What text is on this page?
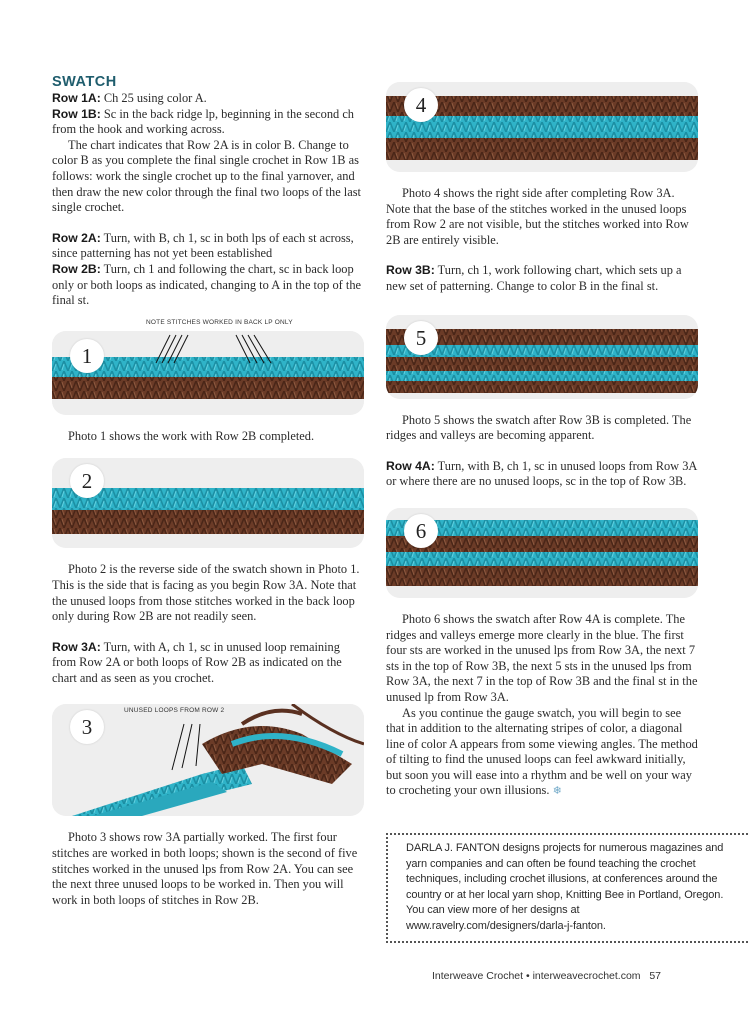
SWATCH

Row 1A: Ch 25 using color A.

Row 1B: Sc in the back ridge lp, beginning in the second ch from the hook and working across.

The chart indicates that Row 2A is in color B. Change to color B as you complete the final single crochet in Row 1B as follows: work the single crochet up to the final yarnover, and then draw the new color through the final two loops of the last single crochet.

Row 2A: Turn, with B, ch 1, sc in both lps of each st across, since patterning has not yet been established

Row 2B: Turn, ch 1 and following the chart, sc in back loop only or both loops as indicated, changing to A in the top of the final st.

NOTE STITCHES WORKED IN BACK LP ONLY
1

Photo 1 shows the work with Row 2B completed.

2

Photo 2 is the reverse side of the swatch shown in Photo 1. This is the side that is facing as you begin Row 3A. Note that the unused loops from those stitches worked in the back loop only during Row 2B are not readily seen.

Row 3A: Turn, with A, ch 1, sc in unused loop remaining from Row 2A or both loops of Row 2B as indicated on the chart and as seen as you crochet.

UNUSED LOOPS FROM ROW 2
3

Photo 3 shows row 3A partially worked. The first four stitches are worked in both loops; shown is the second of five stitches worked in the unused lps from Row 2A. You can see the next three unused loops to be worked in. Then you will work in both loops of stitches in Row 2B.

4

Photo 4 shows the right side after completing Row 3A. Note that the base of the stitches worked in the unused loops from Row 2 are not visible, but the stitches worked into Row 2B are entirely visible.

Row 3B: Turn, ch 1, work following chart, which sets up a new set of patterning. Change to color B in the final st.

5

Photo 5 shows the swatch after Row 3B is completed. The ridges and valleys are becoming apparent.

Row 4A: Turn, with B, ch 1, sc in unused loops from Row 3A or where there are no unused loops, sc in the top of Row 3B.

6

Photo 6 shows the swatch after Row 4A is complete. The ridges and valleys emerge more clearly in the blue. The first four sts are worked in the unused lps from Row 3A, the next 7 sts in the top of Row 3B, the next 5 sts in the unused lps from Row 3A, the next 7 in the top of Row 3B and the final st in the unused lp from Row 3A.

As you continue the gauge swatch, you will begin to see that in addition to the alternating stripes of color, a diagonal line of color A appears from some viewing angles. The method of tilting to find the unused loops can feel awkward initially, but soon you will ease into a rhythm and be well on your way to crocheting your own illusions. ❄

DARLA J. FANTON designs projects for numerous magazines and yarn companies and can often be found teaching the crochet techniques, including crochet illusions, at conferences around the country or at her local yarn shop, Knitting Bee in Portland, Oregon. You can view more of her designs at www.ravelry.com/designers/darla-j-fanton.
Interweave Crochet • interweavecrochet.com 57
